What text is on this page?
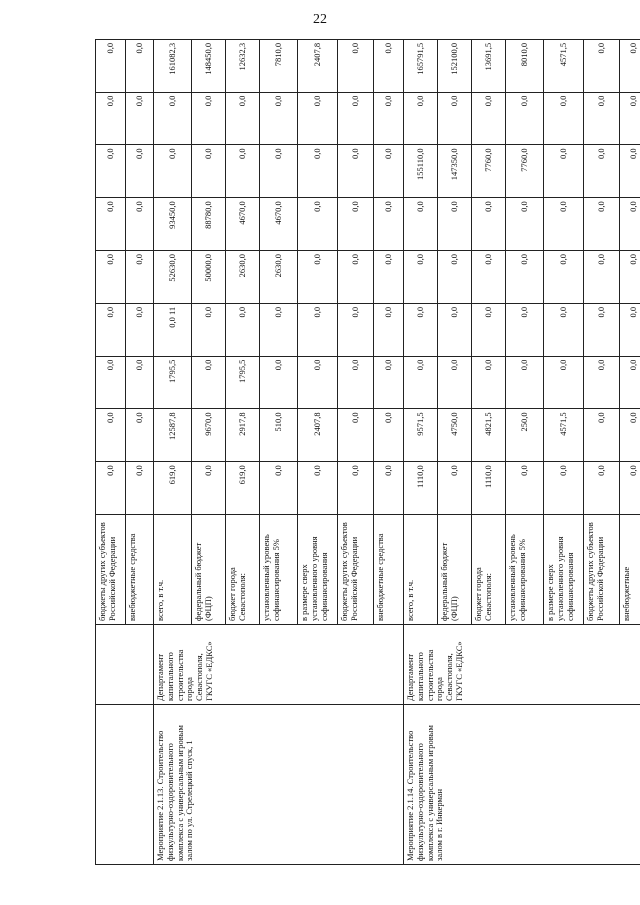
22
		бюджеты других субъектов Российской Федерации	0,0	0,0	0,0	0,0	0,0	0,0	0,0	0,0	0,0
		внебюджетные средства	0,0	0,0	0,0	0,0	0,0	0,0	0,0	0,0	0,0
Мероприятие 2.1.13. Строительство физкультурно-оздоровительного комплекса с универсальным игровым залом по ул. Стрелецкий спуск, 1	Департамент капитального строительства города Севастополя, ГКУГС «ЕДКС»	всего, в т.ч.	619,0	12587,8	1795,5	0,0 11	52630,0	93450,0	0,0	0,0	161082,3
		федеральный бюджет (ФЦП)	0,0	9670,0	0,0	0,0	50000,0	88780,0	0,0	0,0	148450,0
		бюджет города Севастополя:	619,0	2917,8	1795,5	0,0	2630,0	4670,0	0,0	0,0	12632,3
		установленный уровень софинансирования 5%	0,0	510,0	0,0	0,0	2630,0	4670,0	0,0	0,0	7810,0
		в размере сверх установленного уровня софинансирования	0,0	2407,8	0,0	0,0	0,0	0,0	0,0	0,0	2407,8
		бюджеты других субъектов Российской Федерации	0,0	0,0	0,0	0,0	0,0	0,0	0,0	0,0	0,0
		внебюджетные средства	0,0	0,0	0,0	0,0	0,0	0,0	0,0	0,0	0,0
Мероприятие 2.1.14. Строительство физкультурно-оздоровительного комплекса с универсальным игровым залом в г. Инкерман	Департамент капитального строительства города Севастополя, ГКУГС «ЕДКС»	всего, в т.ч.	1110,0	9571,5	0,0	0,0	0,0	0,0	155110,0	0,0	165791,5
		федеральный бюджет (ФЦП)	0,0	4750,0	0,0	0,0	0,0	0,0	147350,0	0,0	152100,0
		бюджет города Севастополя:	1110,0	4821,5	0,0	0,0	0,0	0,0	7760,0	0,0	13691,5
		установленный уровень софинансирования 5%	0,0	250,0	0,0	0,0	0,0	0,0	7760,0	0,0	8010,0
		в размере сверх установленного уровня софинансирования	0,0	4571,5	0,0	0,0	0,0	0,0	0,0	0,0	4571,5
		бюджеты других субъектов Российской Федерации	0,0	0,0	0,0	0,0	0,0	0,0	0,0	0,0	0,0
		внебюджетные	0,0	0,0	0,0	0,0	0,0	0,0	0,0	0,0	0,0
